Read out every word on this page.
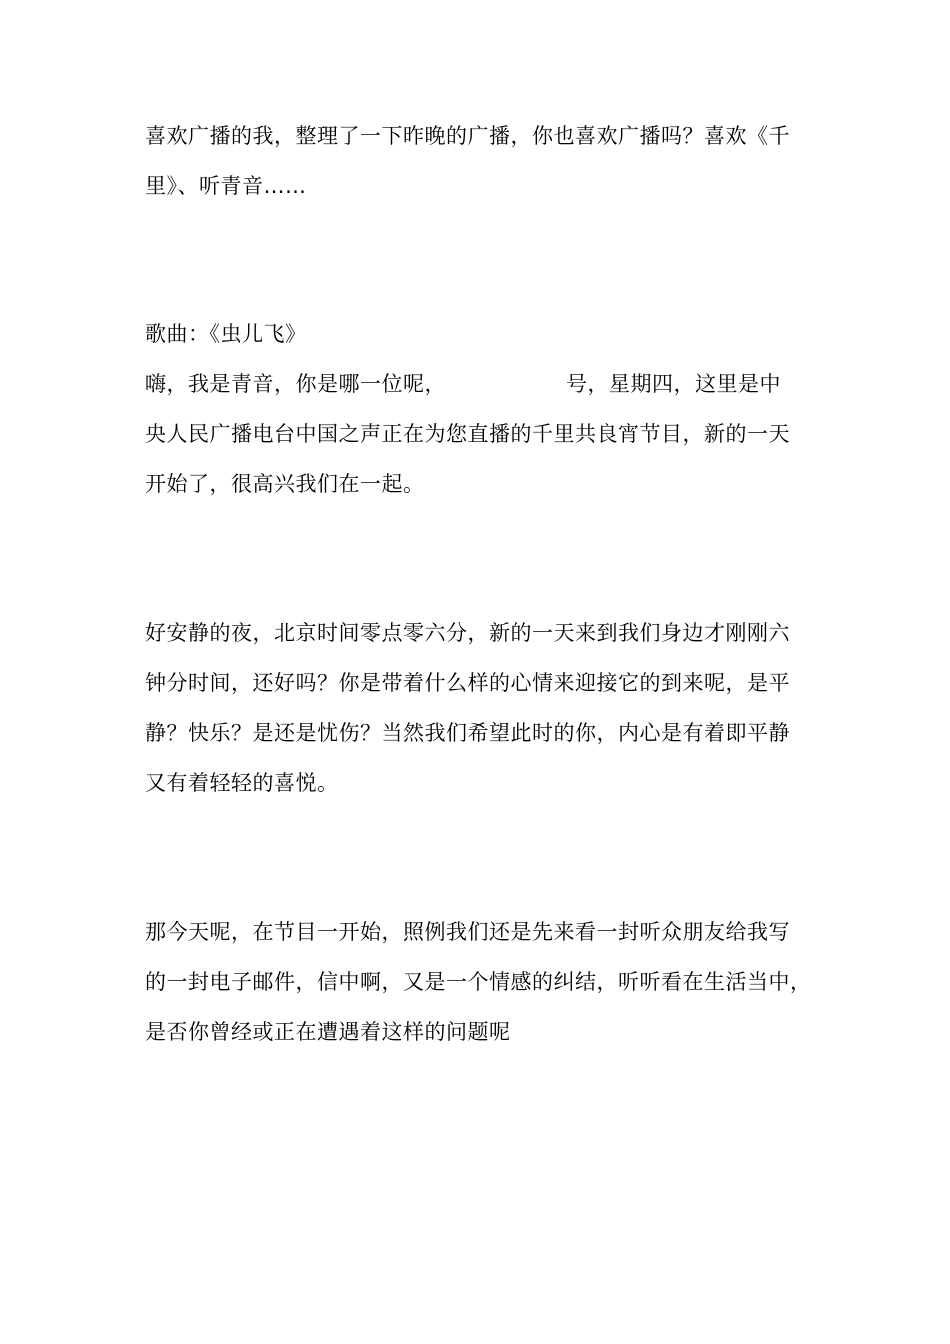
喜欢广播的我，整理了一下昨晚的广播，你也喜欢广播吗？喜欢《千
里》、听青音……

歌曲：《虫儿飞》

嗨，我是青音，你是哪一位呢，	号，星期四，这里是中
央人民广播电台中国之声正在为您直播的千里共良宵节目，新的一天
开始了，很高兴我们在一起。

好安静的夜，北京时间零点零六分，新的一天来到我们身边才刚刚六
钟分时间，还好吗？你是带着什么样的心情来迎接它的到来呢，是平
静？快乐？是还是忧伤？当然我们希望此时的你，内心是有着即平静
又有着轻轻的喜悦。

那今天呢，在节目一开始，照例我们还是先来看一封听众朋友给我写
的一封电子邮件，信中啊，又是一个情感的纠结，听听看在生活当中，
是否你曾经或正在遭遇着这样的问题呢
